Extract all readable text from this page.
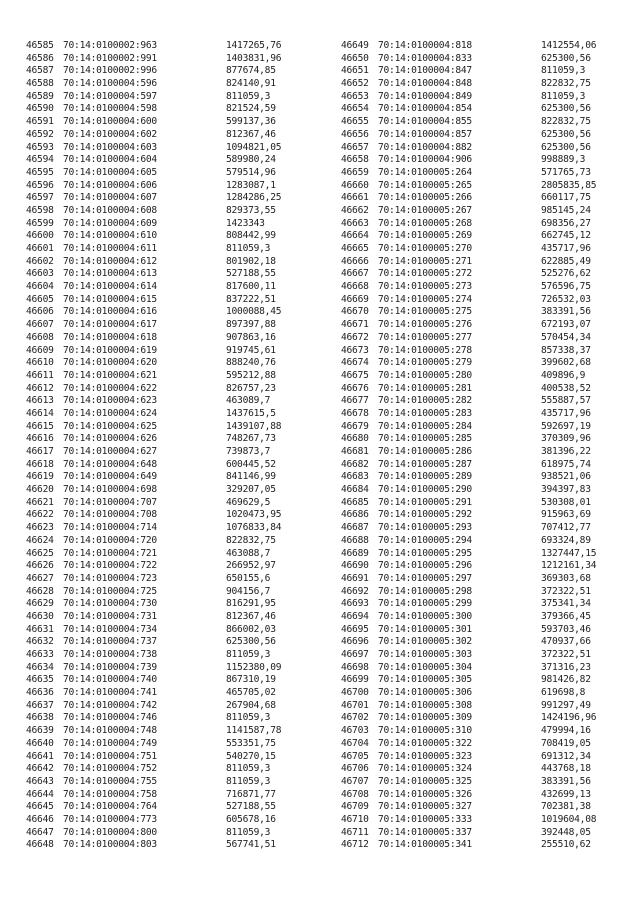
46585 70:14:0100002:963	1417265,76
46586 70:14:0100002:991	1403831,96
46587 70:14:0100002:996	877674,85
46588 70:14:0100004:596	824140,91
46589 70:14:0100004:597	811059,3
46590 70:14:0100004:598	821524,59
46591 70:14:0100004:600	599137,36
46592 70:14:0100004:602	812367,46
46593 70:14:0100004:603	1094821,05
46594 70:14:0100004:604	589980,24
46595 70:14:0100004:605	579514,96
46596 70:14:0100004:606	1283087,1
46597 70:14:0100004:607	1284286,25
46598 70:14:0100004:608	829373,55
46599 70:14:0100004:609	1423343
46600 70:14:0100004:610	808442,99
46601 70:14:0100004:611	811059,3
46602 70:14:0100004:612	801902,18
46603 70:14:0100004:613	527188,55
46604 70:14:0100004:614	817600,11
46605 70:14:0100004:615	837222,51
46606 70:14:0100004:616	1000088,45
46607 70:14:0100004:617	897397,88
46608 70:14:0100004:618	907863,16
46609 70:14:0100004:619	919745,61
46610 70:14:0100004:620	888240,76
46611 70:14:0100004:621	595212,88
46612 70:14:0100004:622	826757,23
46613 70:14:0100004:623	463089,7
46614 70:14:0100004:624	1437615,5
46615 70:14:0100004:625	1439107,88
46616 70:14:0100004:626	748267,73
46617 70:14:0100004:627	739873,7
46618 70:14:0100004:648	600445,52
46619 70:14:0100004:649	841146,99
46620 70:14:0100004:698	329207,05
46621 70:14:0100004:707	469629,5
46622 70:14:0100004:708	1020473,95
46623 70:14:0100004:714	1076833,84
46624 70:14:0100004:720	822832,75
46625 70:14:0100004:721	463088,7
46626 70:14:0100004:722	266952,97
46627 70:14:0100004:723	650155,6
46628 70:14:0100004:725	904156,7
46629 70:14:0100004:730	816291,95
46630 70:14:0100004:731	812367,46
46631 70:14:0100004:734	866002,03
46632 70:14:0100004:737	625300,56
46633 70:14:0100004:738	811059,3
46634 70:14:0100004:739	1152380,09
46635 70:14:0100004:740	867310,19
46636 70:14:0100004:741	465705,02
46637 70:14:0100004:742	267904,68
46638 70:14:0100004:746	811059,3
46639 70:14:0100004:748	1141587,78
46640 70:14:0100004:749	553351,75
46641 70:14:0100004:751	540270,15
46642 70:14:0100004:752	811059,3
46643 70:14:0100004:755	811059,3
46644 70:14:0100004:758	716871,77
46645 70:14:0100004:764	527188,55
46646 70:14:0100004:773	605678,16
46647 70:14:0100004:800	811059,3
46648 70:14:0100004:803	567741,51
46649 70:14:0100004:818	1412554,06
46650 70:14:0100004:833	625300,56
46651 70:14:0100004:847	811059,3
46652 70:14:0100004:848	822832,75
46653 70:14:0100004:849	811059,3
46654 70:14:0100004:854	625300,56
46655 70:14:0100004:855	822832,75
46656 70:14:0100004:857	625300,56
46657 70:14:0100004:882	625300,56
46658 70:14:0100004:906	998889,3
46659 70:14:0100005:264	571765,73
46660 70:14:0100005:265	2805835,85
46661 70:14:0100005:266	660117,75
46662 70:14:0100005:267	985145,24
46663 70:14:0100005:268	698356,27
46664 70:14:0100005:269	662745,12
46665 70:14:0100005:270	435717,96
46666 70:14:0100005:271	622885,49
46667 70:14:0100005:272	525276,62
46668 70:14:0100005:273	576596,75
46669 70:14:0100005:274	726532,03
46670 70:14:0100005:275	383391,56
46671 70:14:0100005:276	672193,07
46672 70:14:0100005:277	570454,34
46673 70:14:0100005:278	857338,37
46674 70:14:0100005:279	399602,68
46675 70:14:0100005:280	409896,9
46676 70:14:0100005:281	400538,52
46677 70:14:0100005:282	555887,57
46678 70:14:0100005:283	435717,96
46679 70:14:0100005:284	592697,19
46680 70:14:0100005:285	370309,96
46681 70:14:0100005:286	381396,22
46682 70:14:0100005:287	618975,74
46683 70:14:0100005:289	938521,06
46684 70:14:0100005:290	394397,83
46685 70:14:0100005:291	530308,01
46686 70:14:0100005:292	915963,69
46687 70:14:0100005:293	707412,77
46688 70:14:0100005:294	693324,89
46689 70:14:0100005:295	1327447,15
46690 70:14:0100005:296	1212161,34
46691 70:14:0100005:297	369303,68
46692 70:14:0100005:298	372322,51
46693 70:14:0100005:299	375341,34
46694 70:14:0100005:300	379366,45
46695 70:14:0100005:301	593703,46
46696 70:14:0100005:302	470937,66
46697 70:14:0100005:303	372322,51
46698 70:14:0100005:304	371316,23
46699 70:14:0100005:305	981426,82
46700 70:14:0100005:306	619698,8
46701 70:14:0100005:308	991297,49
46702 70:14:0100005:309	1424196,96
46703 70:14:0100005:310	479994,16
46704 70:14:0100005:322	708419,05
46705 70:14:0100005:323	691312,34
46706 70:14:0100005:324	443768,18
46707 70:14:0100005:325	383391,56
46708 70:14:0100005:326	432699,13
46709 70:14:0100005:327	702381,38
46710 70:14:0100005:333	1019604,08
46711 70:14:0100005:337	392448,05
46712 70:14:0100005:341	255510,62
